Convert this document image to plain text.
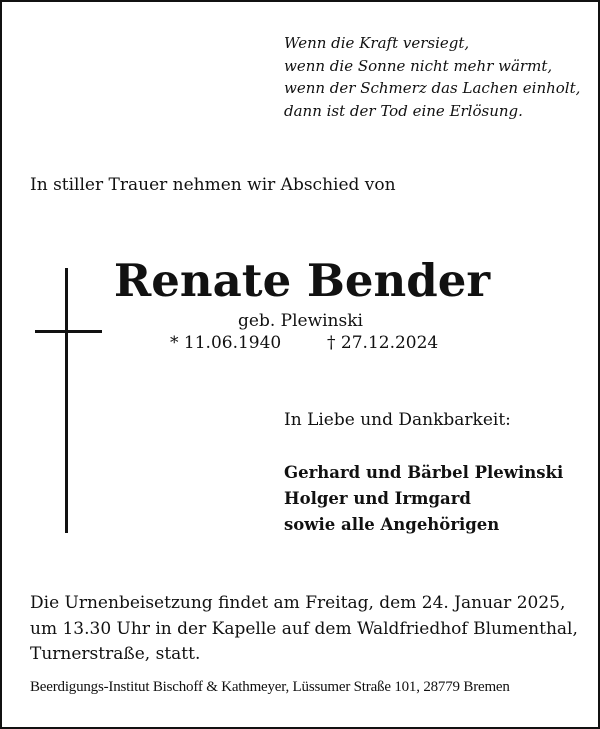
Wenn die Kraft versiegt,
wenn die Sonne nicht mehr wärmt,
wenn der Schmerz das Lachen einholt,
dann ist der Tod eine Erlösung.
In stiller Trauer nehmen wir Abschied von
Renate Bender
geb. Plewinski
* 11.06.1940	† 27.12.2024
In Liebe und Dankbarkeit:
Gerhard und Bärbel Plewinski
Holger und Irmgard
sowie alle Angehörigen
Die Urnenbeisetzung findet am Freitag, dem 24. Januar 2025,
um 13.30 Uhr in der Kapelle auf dem Waldfriedhof Blumenthal,
Turnerstraße, statt.
Beerdigungs-Institut Bischoff & Kathmeyer, Lüssumer Straße 101, 28779 Bremen
